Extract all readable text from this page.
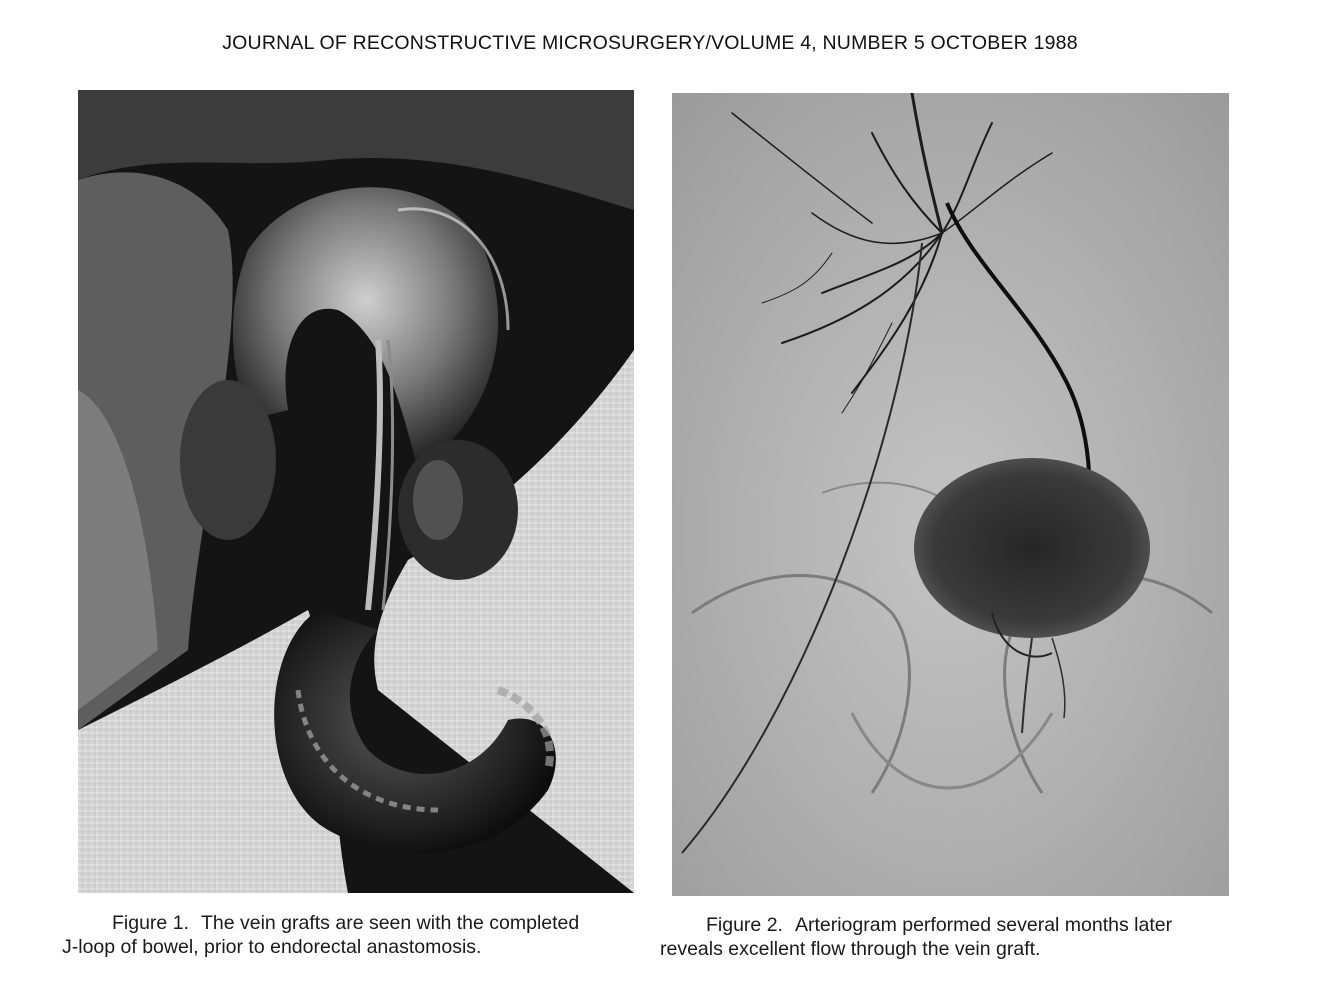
JOURNAL OF RECONSTRUCTIVE MICROSURGERY/VOLUME 4, NUMBER 5 OCTOBER 1988
Figure 1. The vein grafts are seen with the completed
J-loop of bowel, prior to endorectal anastomosis.
Figure 2. Arteriogram performed several months later
reveals excellent flow through the vein graft.
